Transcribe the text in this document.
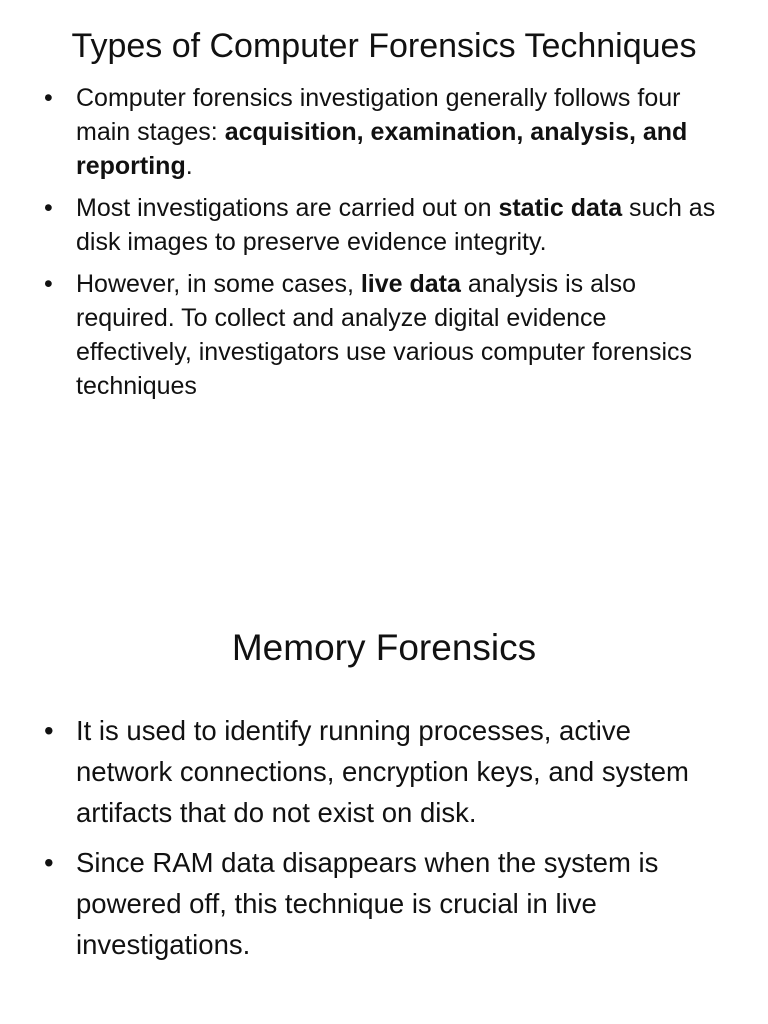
Types of Computer Forensics Techniques
• Computer forensics investigation generally follows four main stages: acquisition, examination, analysis, and reporting.
• Most investigations are carried out on static data such as disk images to preserve evidence integrity.
• However, in some cases, live data analysis is also required. To collect and analyze digital evidence effectively, investigators use various computer forensics techniques
Memory Forensics
• It is used to identify running processes, active network connections, encryption keys, and system artifacts that do not exist on disk.
• Since RAM data disappears when the system is powered off, this technique is crucial in live investigations.
